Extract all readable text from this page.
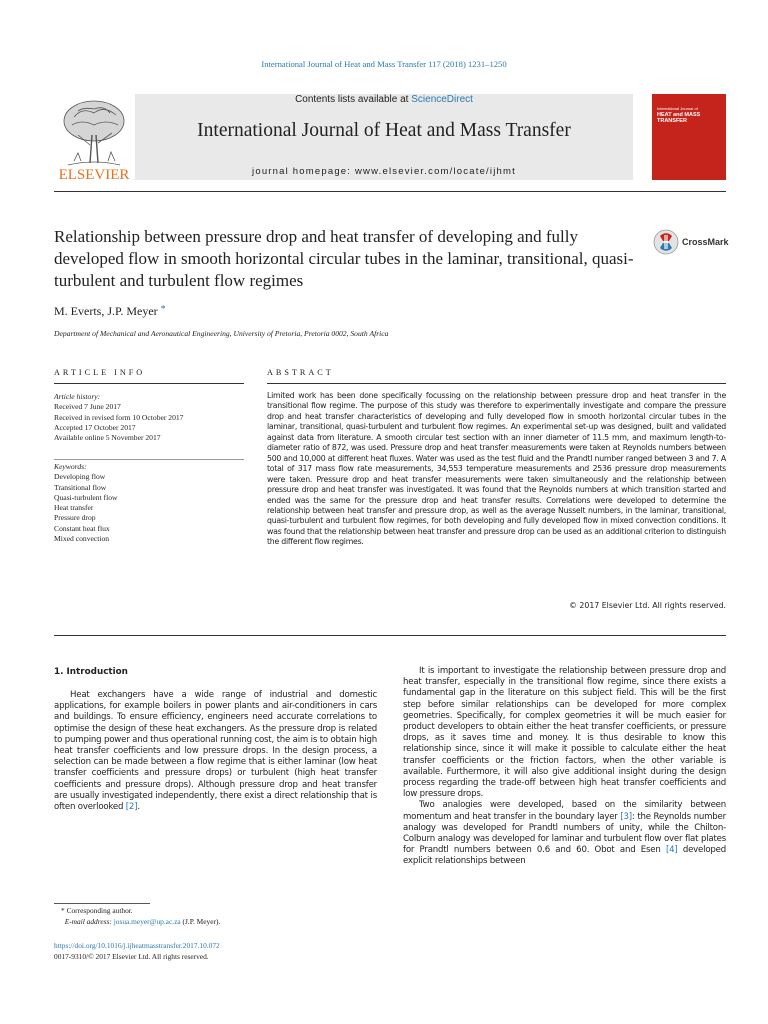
International Journal of Heat and Mass Transfer 117 (2018) 1231–1250
ELSEVIER
Contents lists available at ScienceDirect
International Journal of Heat and Mass Transfer
journal homepage: www.elsevier.com/locate/ijhmt
International Journal of
HEAT and MASS TRANSFER
Relationship between pressure drop and heat transfer of developing and fully developed flow in smooth horizontal circular tubes in the laminar, transitional, quasi-turbulent and turbulent flow regimes
CrossMark
M. Everts, J.P. Meyer *
Department of Mechanical and Aeronautical Engineering, University of Pretoria, Pretoria 0002, South Africa
ARTICLE INFO	ABSTRACT
Article history:
Received 7 June 2017
Received in revised form 10 October 2017
Accepted 17 October 2017
Available online 5 November 2017
Keywords:
Developing flow
Transitional flow
Quasi-turbulent flow
Heat transfer
Pressure drop
Constant heat flux
Mixed convection
Limited work has been done specifically focussing on the relationship between pressure drop and heat transfer in the transitional flow regime. The purpose of this study was therefore to experimentally investigate and compare the pressure drop and heat transfer characteristics of developing and fully developed flow in smooth horizontal circular tubes in the laminar, transitional, quasi-turbulent and turbulent flow regimes. An experimental set-up was designed, built and validated against data from literature. A smooth circular test section with an inner diameter of 11.5 mm, and maximum length-to-diameter ratio of 872, was used. Pressure drop and heat transfer measurements were taken at Reynolds numbers between 500 and 10,000 at different heat fluxes. Water was used as the test fluid and the Prandtl number ranged between 3 and 7. A total of 317 mass flow rate measurements, 34,553 temperature measurements and 2536 pressure drop measurements were taken. Pressure drop and heat transfer measurements were taken simultaneously and the relationship between pressure drop and heat transfer was investigated. It was found that the Reynolds numbers at which transition started and ended was the same for the pressure drop and heat transfer results. Correlations were developed to determine the relationship between heat transfer and pressure drop, as well as the average Nusselt numbers, in the laminar, transitional, quasi-turbulent and turbulent flow regimes, for both developing and fully developed flow in mixed convection conditions. It was found that the relationship between heat transfer and pressure drop can be used as an additional criterion to distinguish the different flow regimes.
© 2017 Elsevier Ltd. All rights reserved.
1. Introduction

Heat exchangers have a wide range of industrial and domestic applications, for example boilers in power plants and air-conditioners in cars and buildings. To ensure efficiency, engineers need accurate correlations to optimise the design of these heat exchangers. As the pressure drop is related to pumping power and thus operational running cost, the aim is to obtain high heat transfer coefficients and low pressure drops. In the design process, a selection can be made between a flow regime that is either laminar (low heat transfer coefficients and pressure drops) or turbulent (high heat transfer coefficients and pressure drops). Although pressure drop and heat transfer are usually investigated independently, there exist a direct relationship that is often overlooked [2].

It is important to investigate the relationship between pressure drop and heat transfer, especially in the transitional flow regime, since there exists a fundamental gap in the literature on this subject field. This will be the first step before similar relationships can be developed for more complex geometries. Specifically, for complex geometries it will be much easier for product developers to obtain either the heat transfer coefficients, or pressure drops, as it saves time and money. It is thus desirable to know this relationship since, since it will make it possible to calculate either the heat transfer coefficients or the friction factors, when the other variable is available. Furthermore, it will also give additional insight during the design process regarding the trade-off between high heat transfer coefficients and low pressure drops.

Two analogies were developed, based on the similarity between momentum and heat transfer in the boundary layer [3]: the Reynolds number analogy was developed for Prandtl numbers of unity, while the Chilton-Colburn analogy was developed for laminar and turbulent flow over flat plates for Prandtl numbers between 0.6 and 60. Obot and Esen [4] developed explicit relationships between

* Corresponding author.
E-mail address: josua.meyer@up.ac.za (J.P. Meyer).
https://doi.org/10.1016/j.ijheatmasstransfer.2017.10.072
0017-9310/© 2017 Elsevier Ltd. All rights reserved.
